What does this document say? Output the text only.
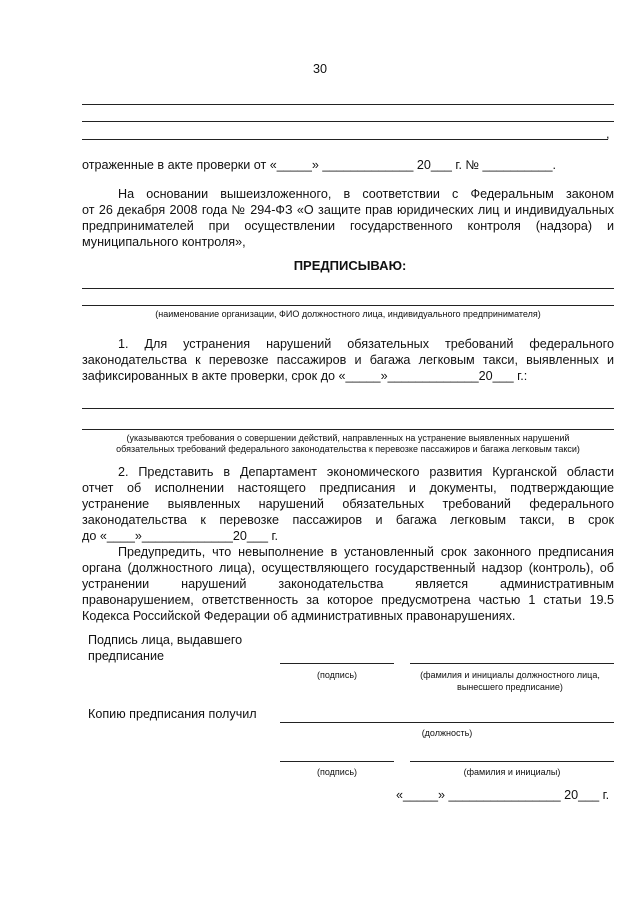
30
,
отраженные в акте проверки от «_____» _____________ 20___ г. № __________.
На основании вышеизложенного, в соответствии с Федеральным законом
от 26 декабря 2008 года № 294-ФЗ «О защите прав юридических лиц и индивидуальных
предпринимателей при осуществлении государственного контроля (надзора) и
муниципального контроля»,
ПРЕДПИСЫВАЮ:
(наименование организации, ФИО должностного лица, индивидуального предпринимателя)
1. Для устранения нарушений обязательных требований федерального
законодательства к перевозке пассажиров и багажа легковым такси, выявленных и
зафиксированных в акте проверки, срок до «_____»_____________20___ г.:
(указываются требования о совершении действий, направленных на устранение выявленных нарушений
обязательных требований федерального законодательства к перевозке пассажиров и багажа легковым такси)
2. Представить в Департамент экономического развития Курганской области
отчет об исполнении настоящего предписания и документы, подтверждающие
устранение выявленных нарушений обязательных требований федерального
законодательства к перевозке пассажиров и багажа легковым такси, в срок
до «____»_____________20___ г.
Предупредить, что невыполнение в установленный срок законного предписания
органа (должностного лица), осуществляющего государственный надзор (контроль), об
устранении нарушений законодательства является административным
правонарушением, ответственность за которое предусмотрена частью 1 статьи 19.5
Кодекса Российской Федерации об административных правонарушениях.
Подпись лица, выдавшего
предписание
(подпись)	(фамилия и инициалы должностного лица,
вынесшего предписание)
Копию предписания получил
(должность)
(подпись)	(фамилия и инициалы)
«_____» ________________ 20___ г.
